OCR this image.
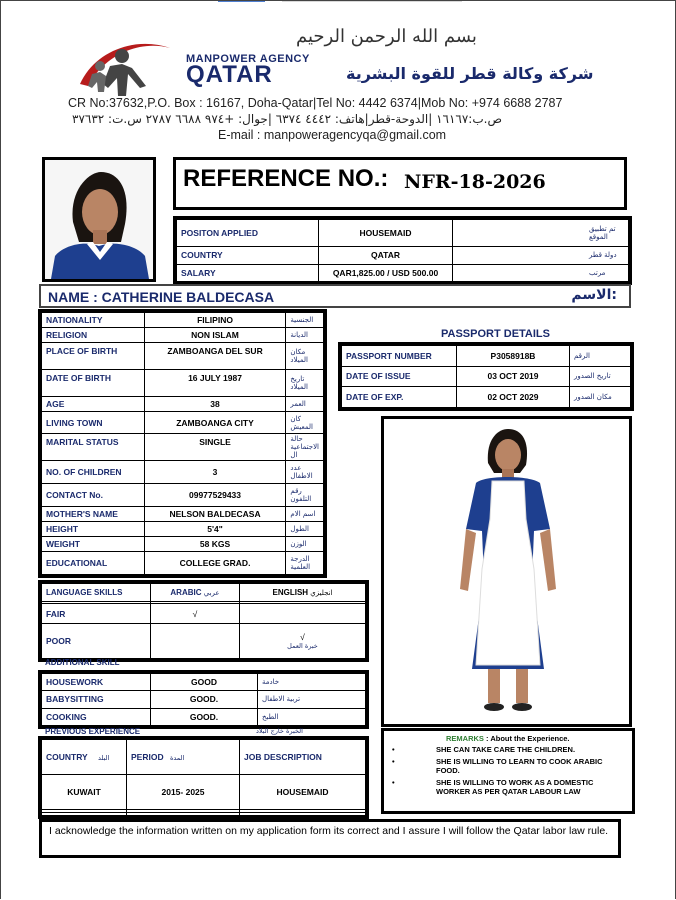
بسم الله الرحمن الرحيم
MANPOWER AGENCY
QATAR	شركة وكالة قطر للقوة البشرية
CR No:37632,P.O. Box : 16167, Doha-Qatar|Tel No: 4442 6374|Mob No: +974 6688 2787
ص.ب:١٦١٦٧ |الدوحة-قطر|هاتف: ٤٤٤٢ ٦٣٧٤ |جوال: +٩٧٤ ٦٦٨٨ ٢٧٨٧ س.ت: ٣٧٦٣٢
E-mail : manpoweragencyqa@gmail.com
REFERENCE NO.: NFR-18-2026
POSITON APPLIED	HOUSEMAID	تم تطبيق الموقع
COUNTRY	QATAR	دولة قطر
SALARY	QAR1,825.00 / USD 500.00	مرتب
NAME : CATHERINE BALDECASA	الاسم:
NATIONALITY	FILIPINO	الجنسية
RELIGION	NON ISLAM	الديانة
PLACE OF BIRTH	ZAMBOANGA DEL SUR	مكان الميلاد
DATE OF BIRTH	16 JULY 1987	تاريخ الميلاد
AGE	38	العمر
LIVING TOWN	ZAMBOANGA CITY	كان المعيش
MARITAL STATUS	SINGLE	حالة الاجتماعية ال
NO. OF CHILDREN	3	عدد الاطفال
CONTACT No.	09977529433	رقم التلفون
MOTHER'S NAME	NELSON BALDECASA	اسم الام
HEIGHT	5'4"	الطول
WEIGHT	58 KGS	الوزن
EDUCATIONAL	COLLEGE GRAD.	الدرجة العلمية
PASSPORT DETAILS
PASSPORT NUMBER	P3058918B	الرقم
DATE OF ISSUE	03 OCT 2019	تاريخ الصدور
DATE OF EXP.	02 OCT 2029	مكان الصدور
LANGUAGE SKILLS	ARABIC عربي	ENGLISH انجليزي

FAIR	√	
POOR		√
خبرة العمل
ADDITIONAL SKILL
HOUSEWORK	GOOD	خادمة
BABYSITTING	GOOD.	تربية الاطفال
COOKING	GOOD.	الطبخ
PREVIOUS EXPERIENCE	الخبرة خارج البلاد
COUNTRY البلد	PERIOD المدة	JOB DESCRIPTION
KUWAIT	2015- 2025	HOUSEMAID

REMARKS : About the Experience.
• SHE CAN TAKE CARE THE CHILDREN.
• SHE IS WILLING TO LEARN TO COOK ARABIC FOOD.
• SHE IS WILLING TO WORK AS A DOMESTIC WORKER AS PER QATAR LABOUR LAW
I acknowledge the information written on my application form its correct and I assure I will follow the Qatar labor law rule.
